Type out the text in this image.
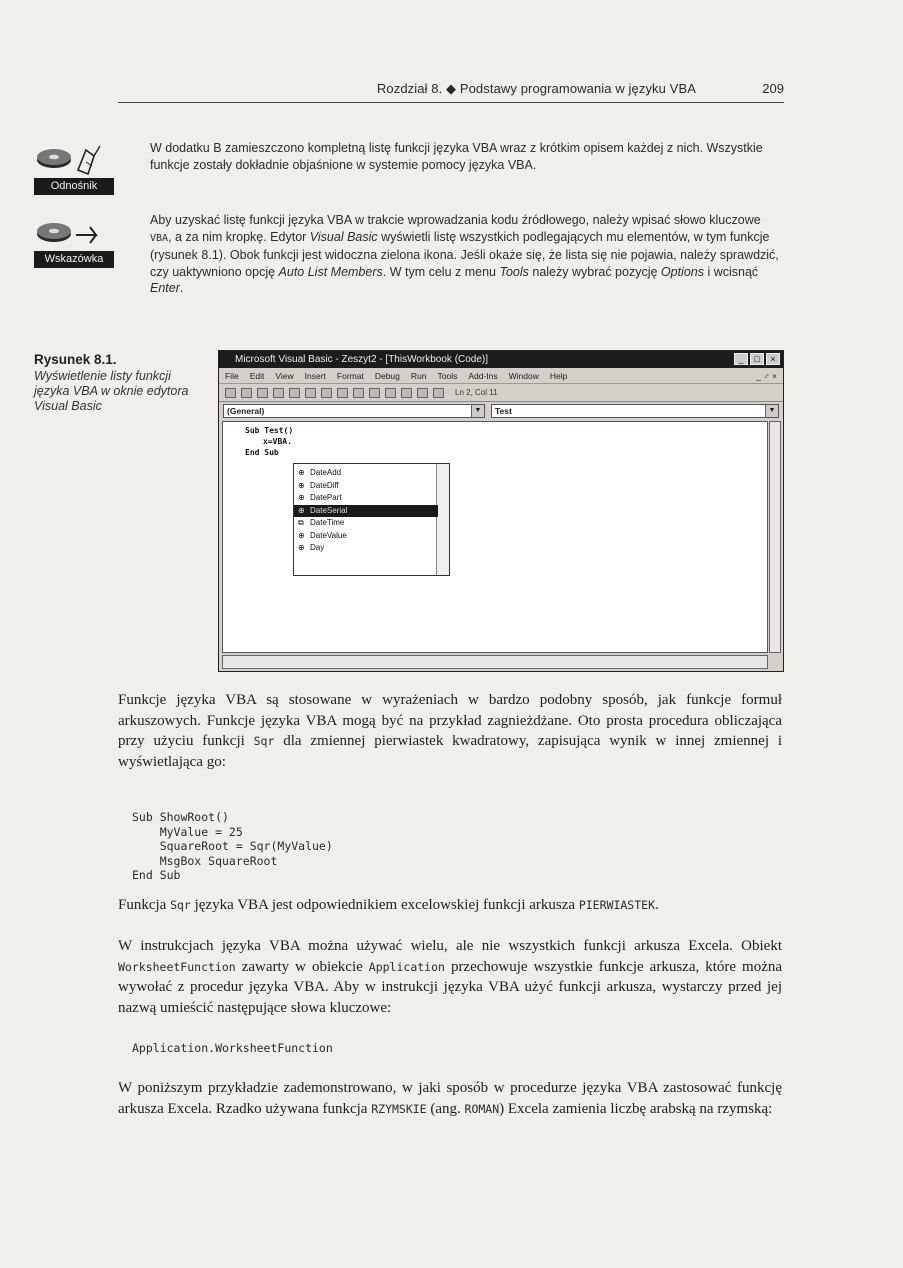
Rozdział 8. ◆ Podstawy programowania w języku VBA	209
Odnośnik

W dodatku B zamieszczono kompletną listę funkcji języka VBA wraz z krótkim opisem każdej z nich. Wszystkie funkcje zostały dokładnie objaśnione w systemie pomocy języka VBA.

Wskazówka

Aby uzyskać listę funkcji języka VBA w trakcie wprowadzania kodu źródłowego, należy wpisać słowo kluczowe VBA, a za nim kropkę. Edytor Visual Basic wyświetli listę wszystkich podlegających mu elementów, w tym funkcje (rysunek 8.1). Obok funkcji jest widoczna zielona ikona. Jeśli okaże się, że lista się nie pojawia, należy sprawdzić, czy uaktywniono opcję Auto List Members. W tym celu z menu Tools należy wybrać pozycję Options i wcisnąć Enter.

Rysunek 8.1.
Wyświetlenie listy funkcji języka VBA w oknie edytora Visual Basic
Microsoft Visual Basic - Zeszyt2 - [ThisWorkbook (Code)]	_	□	×
File Edit View Insert Format Debug Run Tools Add-Ins Window Help	_ ♂ ×
Ln 2, Col 11
(General)	▼	Test	▼
Sub Test()
x=VBA.
End Sub
⊕ DateAdd
⊕ DateDiff
⊕ DatePart
⊕ DateSerial
⧉ DateTime
⊕ DateValue
⊕ Day

Funkcje języka VBA są stosowane w wyrażeniach w bardzo podobny sposób, jak funkcje formuł arkuszowych. Funkcje języka VBA mogą być na przykład zagnieżdżane. Oto prosta procedura obliczająca przy użyciu funkcji Sqr dla zmiennej pierwiastek kwadratowy, zapisująca wynik w innej zmiennej i wyświetlająca go:

Sub ShowRoot()
MyValue = 25
SquareRoot = Sqr(MyValue)
MsgBox SquareRoot
End Sub

Funkcja Sqr języka VBA jest odpowiednikiem excelowskiej funkcji arkusza PIERWIASTEK.

W instrukcjach języka VBA można używać wielu, ale nie wszystkich funkcji arkusza Excela. Obiekt WorksheetFunction zawarty w obiekcie Application przechowuje wszystkie funkcje arkusza, które można wywołać z procedur języka VBA. Aby w instrukcji języka VBA użyć funkcji arkusza, wystarczy przed jej nazwą umieścić następujące słowa kluczowe:

Application.WorksheetFunction

W poniższym przykładzie zademonstrowano, w jaki sposób w procedurze języka VBA zastosować funkcję arkusza Excela. Rzadko używana funkcja RZYMSKIE (ang. ROMAN) Excela zamienia liczbę arabską na rzymską:
